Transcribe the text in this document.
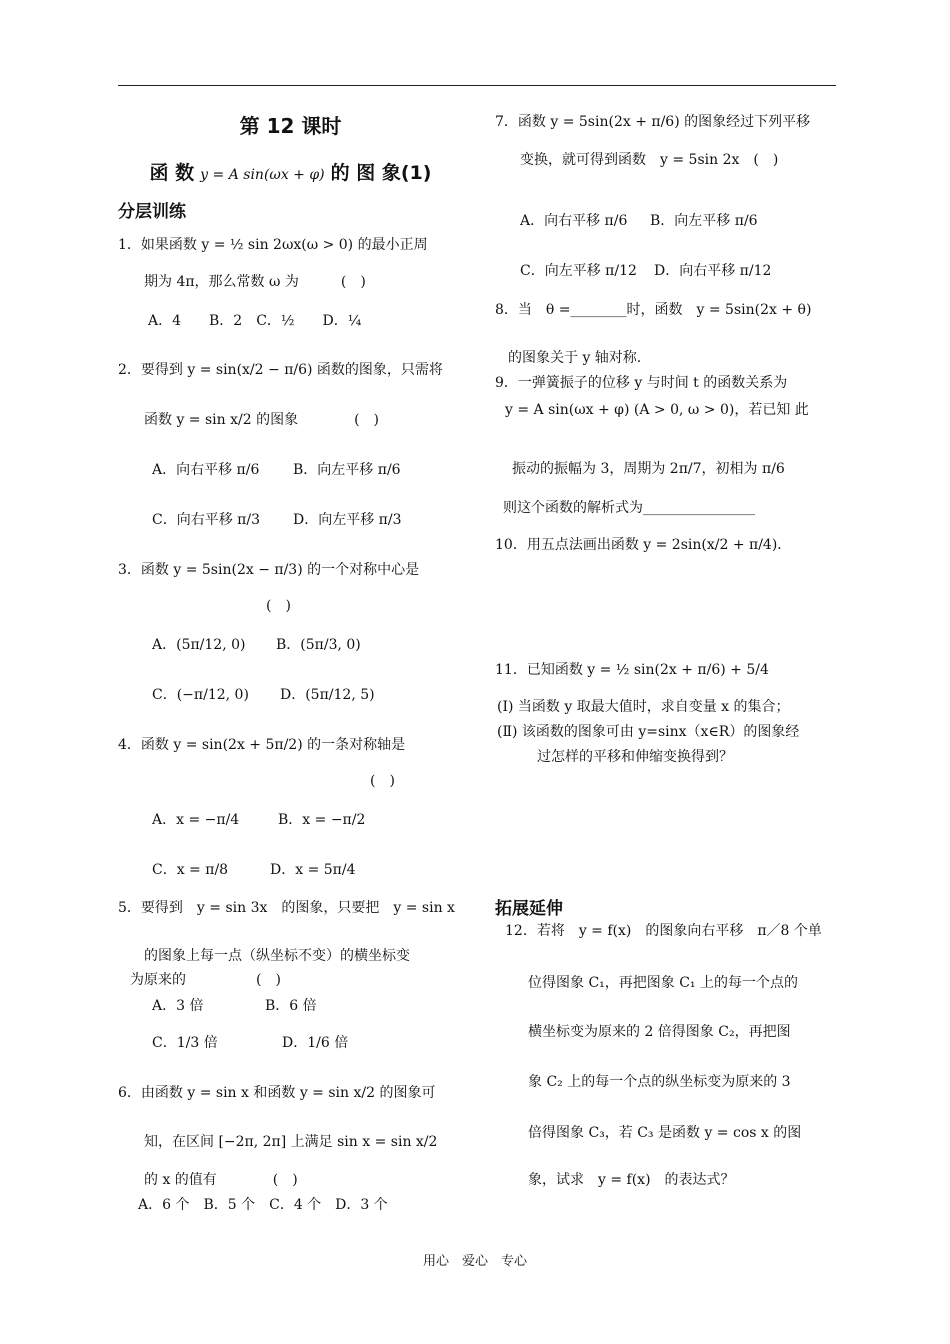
第 12 课时
函 数 y = A sin(ωx + φ) 的 图 象(1)
分层训练
1．如果函数 y = ½ sin 2ωx(ω > 0) 的最小正周
期为 4π，那么常数 ω 为　　　(　)
A．4　　B．2　C．½　　D．¼
2．要得到 y = sin(x/2 − π/6) 函数的图象，只需将
函数 y = sin x/2 的图象　　　　(　)
A．向右平移 π/6 B．向左平移 π/6
C．向右平移 π/3 D．向左平移 π/3
3．函数 y = 5sin(2x − π/3) 的一个对称中心是
(　)
A．(5π/12, 0) B．(5π/3, 0)
C．(−π/12, 0) D．(5π/12, 5)
4．函数 y = sin(2x + 5π/2) 的一条对称轴是
(　)
A．x = −π/4	B．x = −π/2
C．x = π/8	D．x = 5π/4
5．要得到　y = sin 3x　的图象，只要把　y = sin x
的图象上每一点（纵坐标不变）的横坐标变
为原来的　　　　　(　)
A．3 倍	B．6 倍
C．1/3 倍	D．1/6 倍
6．由函数 y = sin x 和函数 y = sin x/2 的图象可
知，在区间 [−2π, 2π] 上满足 sin x = sin x/2
的 x 的值有　　　　(　)
A．6 个　B．5 个　C．4 个　D．3 个
7．函数 y = 5sin(2x + π/6) 的图象经过下列平移
变换，就可得到函数　y = 5sin 2x　(　)
A．向右平移 π/6 B．向左平移 π/6
C．向左平移 π/12 D．向右平移 π/12
8．当　θ =________时，函数　y = 5sin(2x + θ)
的图象关于 y 轴对称.
9．一弹簧振子的位移 y 与时间 t 的函数关系为
y = A sin(ωx + φ) (A > 0, ω > 0)，若已知 此
振动的振幅为 3，周期为 2π/7，初相为 π/6
则这个函数的解析式为________________
10．用五点法画出函数 y = 2sin(x/2 + π/4)．
11．已知函数 y = ½ sin(2x + π/6) + 5/4
(Ⅰ) 当函数 y 取最大值时，求自变量 x 的集合；
(Ⅱ) 该函数的图象可由 y=sinx（x∈R）的图象经
过怎样的平移和伸缩变换得到？
拓展延伸
12．若将　y = f(x)　的图象向右平移　π／8 个单
位得图象 C₁，再把图象 C₁ 上的每一个点的
横坐标变为原来的 2 倍得图象 C₂，再把图
象 C₂ 上的每一个点的纵坐标变为原来的 3
倍得图象 C₃，若 C₃ 是函数 y = cos x 的图
象，试求　y = f(x)　的表达式？
用心　爱心　专心
